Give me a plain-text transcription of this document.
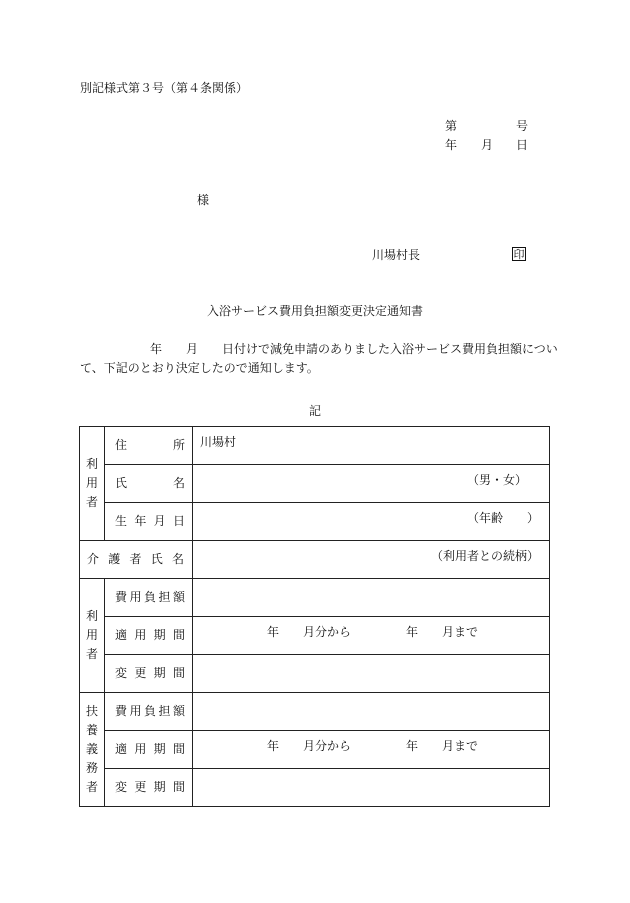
別記様式第３号（第４条関係）
第	号
年 月 日
様
川場村長	印
入浴サービス費用負担額変更決定通知書
年　　月　　日付けで減免申請のありました入浴サービス費用負担額につい
て、下記のとおり決定したので通知します。
記
利用者	住 所	川場村

	氏 名	（男・女）

	生 年 月 日	（年齢　　）

介 護 者 氏 名		（利用者との続柄）

利用者	費 用 負 担 額	

	適 用 期 間	年　　月分から 年　　月まで

	変 更 期 間	

扶養義務者	費 用 負 担 額	

	適 用 期 間	年　　月分から 年　　月まで

	変 更 期 間	
